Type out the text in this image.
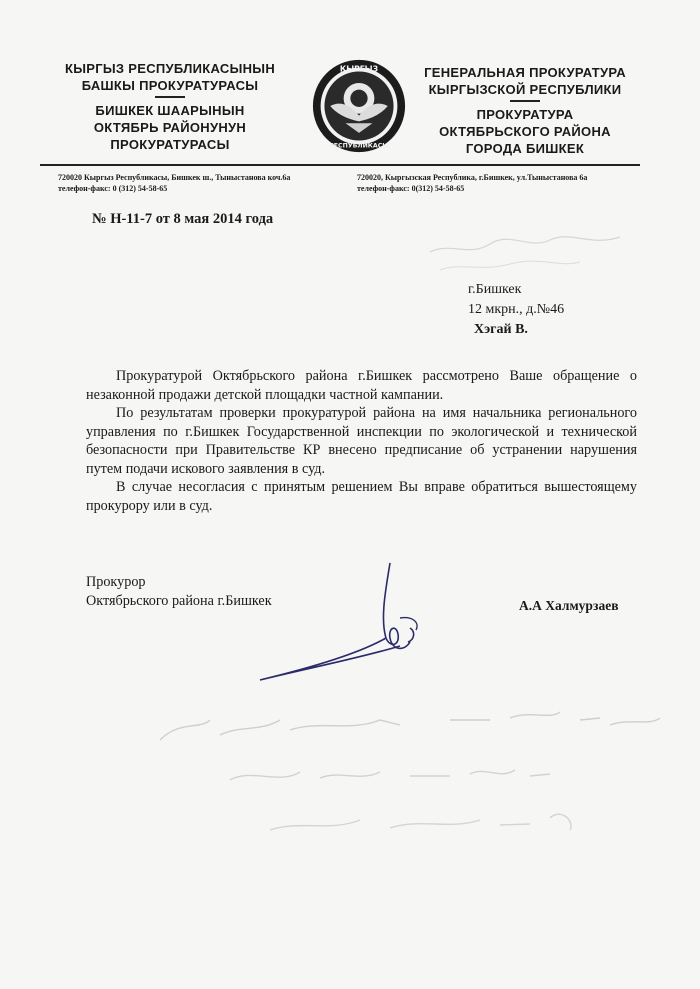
КЫРГЫЗ РЕСПУБЛИКАСЫНЫН
БАШКЫ ПРОКУРАТУРАСЫ
БИШКЕК ШААРЫНЫН
ОКТЯБРЬ РАЙОНУНУН
ПРОКУРАТУРАСЫ
КЫРГЫЗ
РЕСПУБЛИКАСЫ
ГЕНЕРАЛЬНАЯ ПРОКУРАТУРА
КЫРГЫЗСКОЙ РЕСПУБЛИКИ
ПРОКУРАТУРА
ОКТЯБРЬСКОГО РАЙОНА
ГОРОДА БИШКЕК
720020 Кыргыз Республикасы, Бишкек ш., Тыныстанова коч.6а
телефон-факс: 0 (312) 54-58-65
720020, Кыргызская Республика, г.Бишкек, ул.Тыныстанова 6а
телефон-факс: 0(312) 54-58-65
№ Н-11-7 от 8 мая 2014 года
г.Бишкек
12 мкрн., д.№46
Хэгай В.

Прокуратурой Октябрьского района г.Бишкек рассмотрено Ваше обращение о незаконной продажи детской площадки частной кампании.

По результатам проверки прокуратурой района на имя начальника регионального управления по г.Бишкек Государственной инспекции по экологической и технической безопасности при Правительстве КР внесено предписание об устранении нарушения путем подачи искового заявления в суд.

В случае несогласия с принятым решением Вы вправе обратиться вышестоящему прокурору или в суд.

Прокурор
Октябрьского района г.Бишкек	А.А Халмурзаев
